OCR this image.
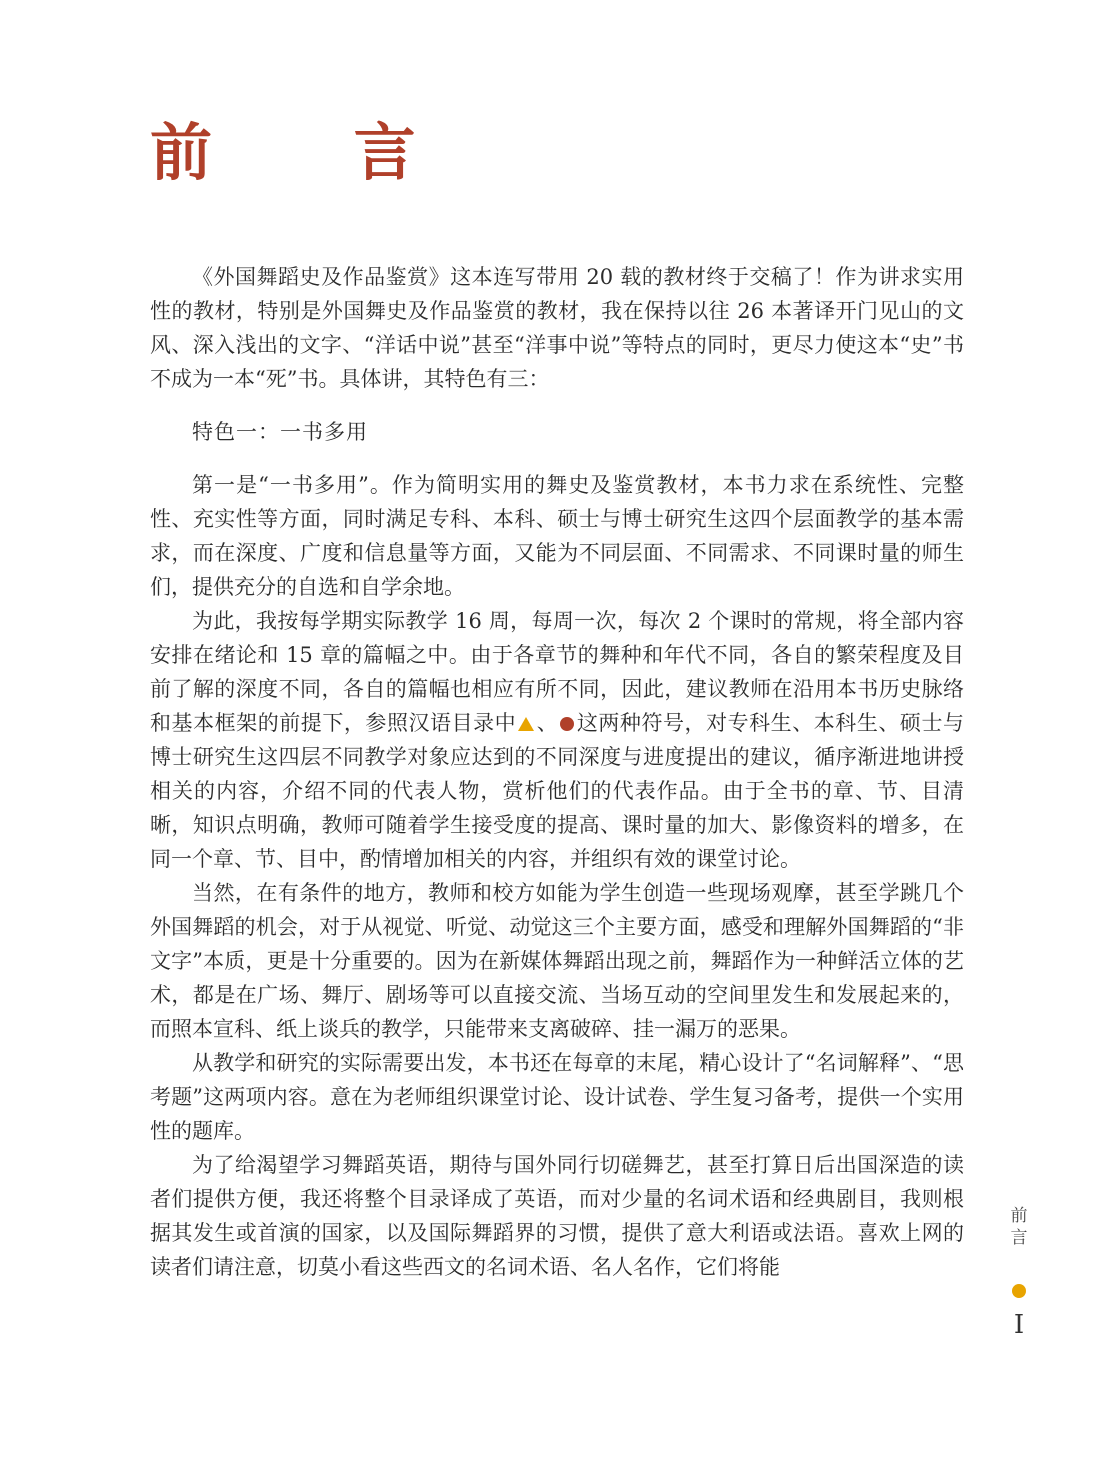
前 言

《外国舞蹈史及作品鉴赏》这本连写带用 20 载的教材终于交稿了！作为讲求实用性的教材，特别是外国舞史及作品鉴赏的教材，我在保持以往 26 本著译开门见山的文风、深入浅出的文字、“洋话中说”甚至“洋事中说”等特点的同时，更尽力使这本“史”书不成为一本“死”书。具体讲，其特色有三：

特色一：一书多用

第一是“一书多用”。作为简明实用的舞史及鉴赏教材，本书力求在系统性、完整性、充实性等方面，同时满足专科、本科、硕士与博士研究生这四个层面教学的基本需求，而在深度、广度和信息量等方面，又能为不同层面、不同需求、不同课时量的师生们，提供充分的自选和自学余地。

为此，我按每学期实际教学 16 周，每周一次，每次 2 个课时的常规，将全部内容安排在绪论和 15 章的篇幅之中。由于各章节的舞种和年代不同，各自的繁荣程度及目前了解的深度不同，各自的篇幅也相应有所不同，因此，建议教师在沿用本书历史脉络和基本框架的前提下，参照汉语目录中 、 这两种符号，对专科生、本科生、硕士与博士研究生这四层不同教学对象应达到的不同深度与进度提出的建议，循序渐进地讲授相关的内容，介绍不同的代表人物，赏析他们的代表作品。由于全书的章、节、目清晰，知识点明确，教师可随着学生接受度的提高、课时量的加大、影像资料的增多，在同一个章、节、目中，酌情增加相关的内容，并组织有效的课堂讨论。

当然，在有条件的地方，教师和校方如能为学生创造一些现场观摩，甚至学跳几个外国舞蹈的机会，对于从视觉、听觉、动觉这三个主要方面，感受和理解外国舞蹈的“非文字”本质，更是十分重要的。因为在新媒体舞蹈出现之前，舞蹈作为一种鲜活立体的艺术，都是在广场、舞厅、剧场等可以直接交流、当场互动的空间里发生和发展起来的，而照本宣科、纸上谈兵的教学，只能带来支离破碎、挂一漏万的恶果。

从教学和研究的实际需要出发，本书还在每章的末尾，精心设计了“名词解释”、“思考题”这两项内容。意在为老师组织课堂讨论、设计试卷、学生复习备考，提供一个实用性的题库。

为了给渴望学习舞蹈英语，期待与国外同行切磋舞艺，甚至打算日后出国深造的读者们提供方便，我还将整个目录译成了英语，而对少量的名词术语和经典剧目，我则根据其发生或首演的国家，以及国际舞蹈界的习惯，提供了意大利语或法语。喜欢上网的读者们请注意，切莫小看这些西文的名词术语、名人名作，它们将能

前言
I
